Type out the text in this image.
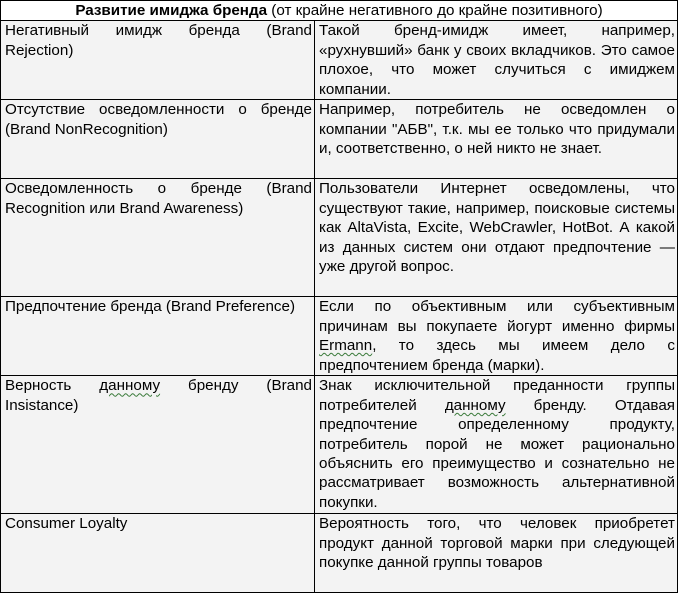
Развитие имиджа бренда (от крайне негативного до крайне позитивного)	
Негативный имидж бренда (Brand Rejection)	Такой бренд-имидж имеет, например, «рухнувший» банк у своих вкладчиков. Это самое плохое, что может случиться с имиджем компании.
Отсутствие осведомленности о бренде (Brand NonRecognition)	Например, потребитель не осведомлен о компании "АБВ", т.к. мы ее только что придумали и, соответственно, о ней никто не знает.
Осведомленность о бренде (Brand Recognition или Brand Awareness)	Пользователи Интернет осведомлены, что существуют такие, например, поисковые системы как AltaVista, Excite, WebCrawler, HotBot. А какой из данных систем они отдают предпочтение — уже другой вопрос.
Предпочтение бренда (Brand Preference)	Если по объективным или субъективным причинам вы покупаете йогурт именно фирмы Ermann, то здесь мы имеем дело с предпочтением бренда (марки).
Верность данному бренду (Brand Insistance)	Знак исключительной преданности группы потребителей данному бренду. Отдавая предпочтение определенному продукту, потребитель порой не может рационально объяснить его преимущество и сознательно не рассматривает возможность альтернативной покупки.
Consumer Loyalty	Вероятность того, что человек приобретет продукт данной торговой марки при следующей покупке данной группы товаров
